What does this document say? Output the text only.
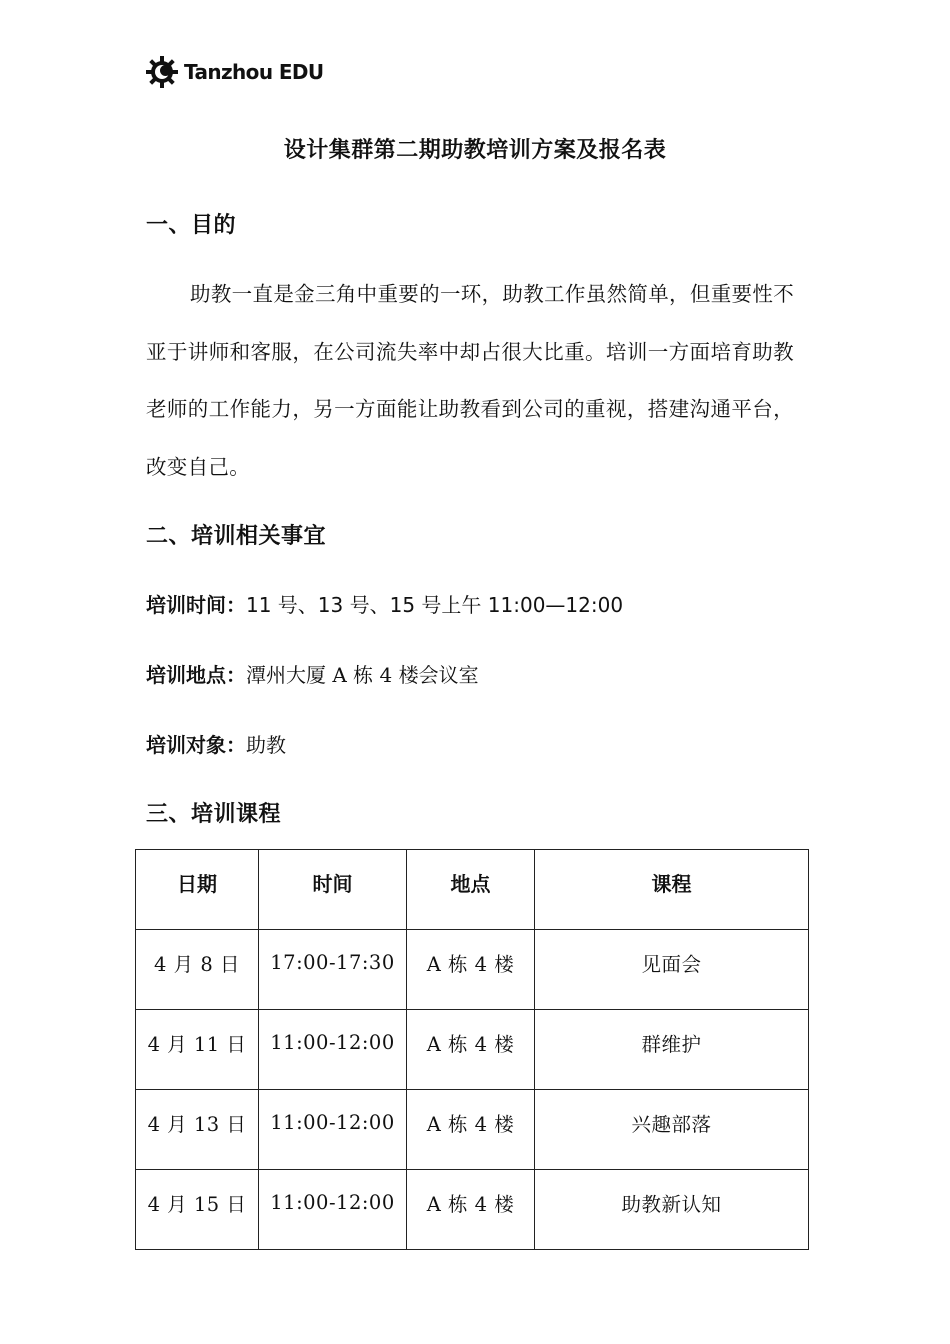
Tanzhou EDU
设计集群第二期助教培训方案及报名表
一、目的
助教一直是金三角中重要的一环，助教工作虽然简单，但重要性不亚于讲师和客服，在公司流失率中却占很大比重。培训一方面培育助教老师的工作能力，另一方面能让助教看到公司的重视，搭建沟通平台，改变自己。
二、培训相关事宜
培训时间：11 号、13 号、15 号上午 11:00—12:00
培训地点：潭州大厦 A 栋 4 楼会议室
培训对象：助教
三、培训课程
日期	时间	地点	课程
4 月 8 日	17:00-17:30	A 栋 4 楼	见面会
4 月 11 日	11:00-12:00	A 栋 4 楼	群维护
4 月 13 日	11:00-12:00	A 栋 4 楼	兴趣部落
4 月 15 日	11:00-12:00	A 栋 4 楼	助教新认知
